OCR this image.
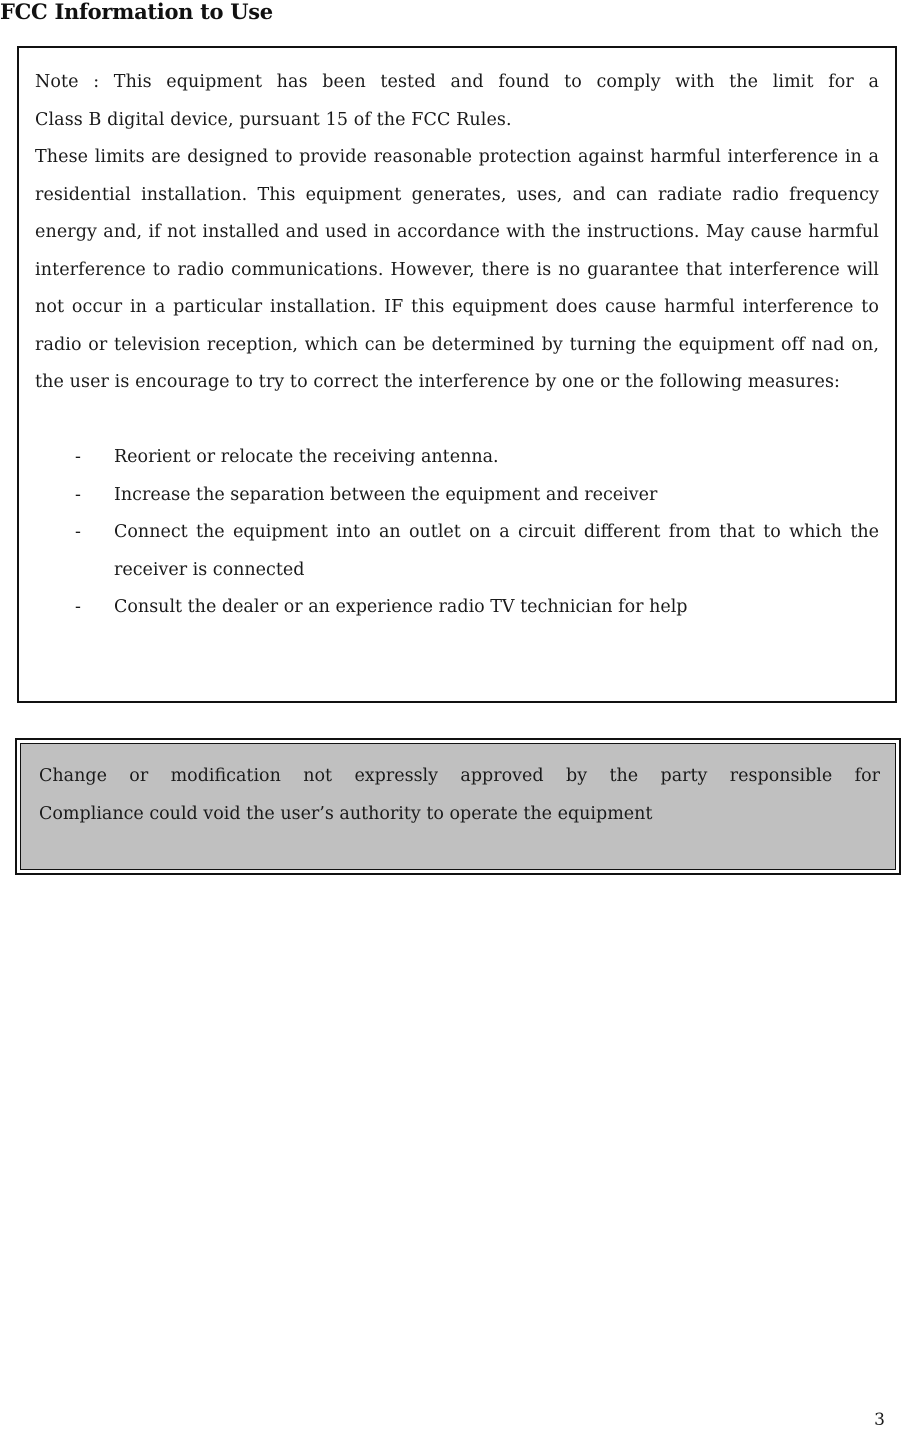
FCC Information to Use

Note : This equipment has been tested and found to comply with the limit for a

Class B digital device, pursuant 15 of the FCC Rules.

These limits are designed to provide reasonable protection against harmful interference in a residential installation. This equipment generates, uses, and can radiate radio frequency energy and, if not installed and used in accordance with the instructions. May cause harmful interference to radio communications. However, there is no guarantee that interference will not occur in a particular installation. IF this equipment does cause harmful interference to radio or television reception, which can be determined by turning the equipment off nad on, the user is encourage to try to correct the interference by one or the following measures:

- Reorient or relocate the receiving antenna.
- Increase the separation between the equipment and receiver
- Connect the equipment into an outlet on a circuit different from that to which the receiver is connected
- Consult the dealer or an experience radio TV technician for help

Change or modification not expressly approved by the party responsible for

Compliance could void the user’s authority to operate the equipment

3
